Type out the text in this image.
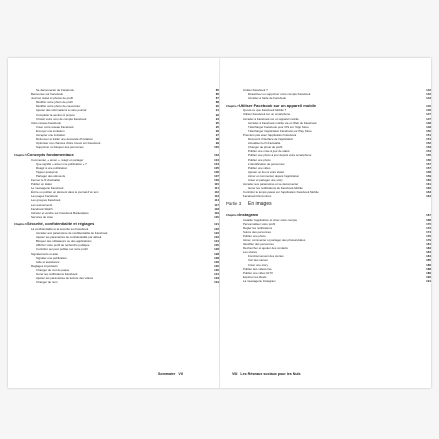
Se déconnecter de Facebook	85
Bienvenue sur Facebook	86
Journal, statut et photos de profil	87
Modifier votre photo de profil	88
Modifier votre photo de couverture	90
Ajouter des informations à votre journal	91
Compléter la section À propos	92
Choisir votre nom de compte Facebook	94
Votre réseau Facebook	95
Créer votre réseau Facebook	95
Envoyer une invitation	96
Accepter une invitation	97
Retrouver et traiter une demande d'invitation	98
Optimiser vos chances d'être trouvé sur Facebook	99
Supprimer ou bloquer des personnes	100
Chapitre 5 Concepts fondamentaux	103
Commenter, « aimer », réagir et partager	104
Que signifie « aimer une publication » ?	104
Réagir à une publication	105
Taguer quelqu'un	106
Partager des éléments	107
Fermer le fil d'actualité	109
Publier un statut	110
Le messagerie Facebook	111
Écrire ou publier un élément dans le journal d'un ami	112
Les pages Facebook	113
Les groupes Facebook	114
Les événements	117
Facebook Watch	118
Acheter et vendre sur Facebook Marketplace	119
Services de crise	120
Chapitre 6 Sécurité, confidentialité et réglages	121
La confidentialité et la sécurité sur Facebook	122
Accéder aux paramètres de confidentialité de Facebook	122
Ajuster les paramètres de confidentialité par défaut	123
Bloquer des utilisateurs ou des applications	124
Afficher votre profil de recherche publique	125
Contrôler qui peut publier sur votre profil	126
Signalements et aide	128
Signaler une publication	128
Aide et assistance	129
Réglages importants	130
Changer de mot de passe	130
Gérer les notifications Facebook	131
Ajuster les paramètres de lecture des vidéos	133
Changer de nom	134
Arrêter Facebook ?	142
Désactiver ou supprimer votre compte Facebook	142
Accéder à l'aide de Facebook	143
Chapitre 7 Utiliser Facebook sur un appareil mobile	145
Qu'est-ce que Facebook Mobile ?	146
Utiliser Facebook sur un smartphone	147
Accéder à Facebook sur un appareil mobile	147
Accéder à Facebook mobile via un Web de Facebook	148
Télécharger Facebook pour iOS sur l'App Store	149
Télécharger l'application Facebook sur Play Store	150
Premiers pas avec l'application Facebook	151
Découvrir l'interface de l'application	151
Actualiser le fil d'actualité	152
Changer de photo de profil	153
Publier une mise à jour de statut	154
Publier une photo à jour depuis votre smartphone	155
Publier une photo	156
L'identification de personnes	157
Publier une vidéo	157
Ajouter un lieu à votre statut	158
Aimer et commenter depuis l'application	159
Créer et partager une story	160
Accéder aux paramètres et se déconnecter	161
Gérer les notifications de Facebook Mobile	162
Contrôler le temps passé sur l'application Facebook Mobile	163
Facebook Rencontres	164
Partie 3	En images
Chapitre 8 Instagram	167
Installer l'application et créer votre compte	168
Personnaliser votre profil	170
Régler les notifications	172
Suivre des personnes	174
Publier une photo	176
Aimer, commenter et partager des photos/vidéos	179
Identifier des personnes	181
Rechercher et ajouter des contacts	183
Les stories	184
Fonctionnement des stories	184
Voir des stories	185
Créer une story	186
Publier des vidéos live	188
Publier une vidéo IGTV	189
Explorer les Reels	190
La messagerie Instagram	191
Sommaire VII	VIII Les Réseaux sociaux pour les Nuls
